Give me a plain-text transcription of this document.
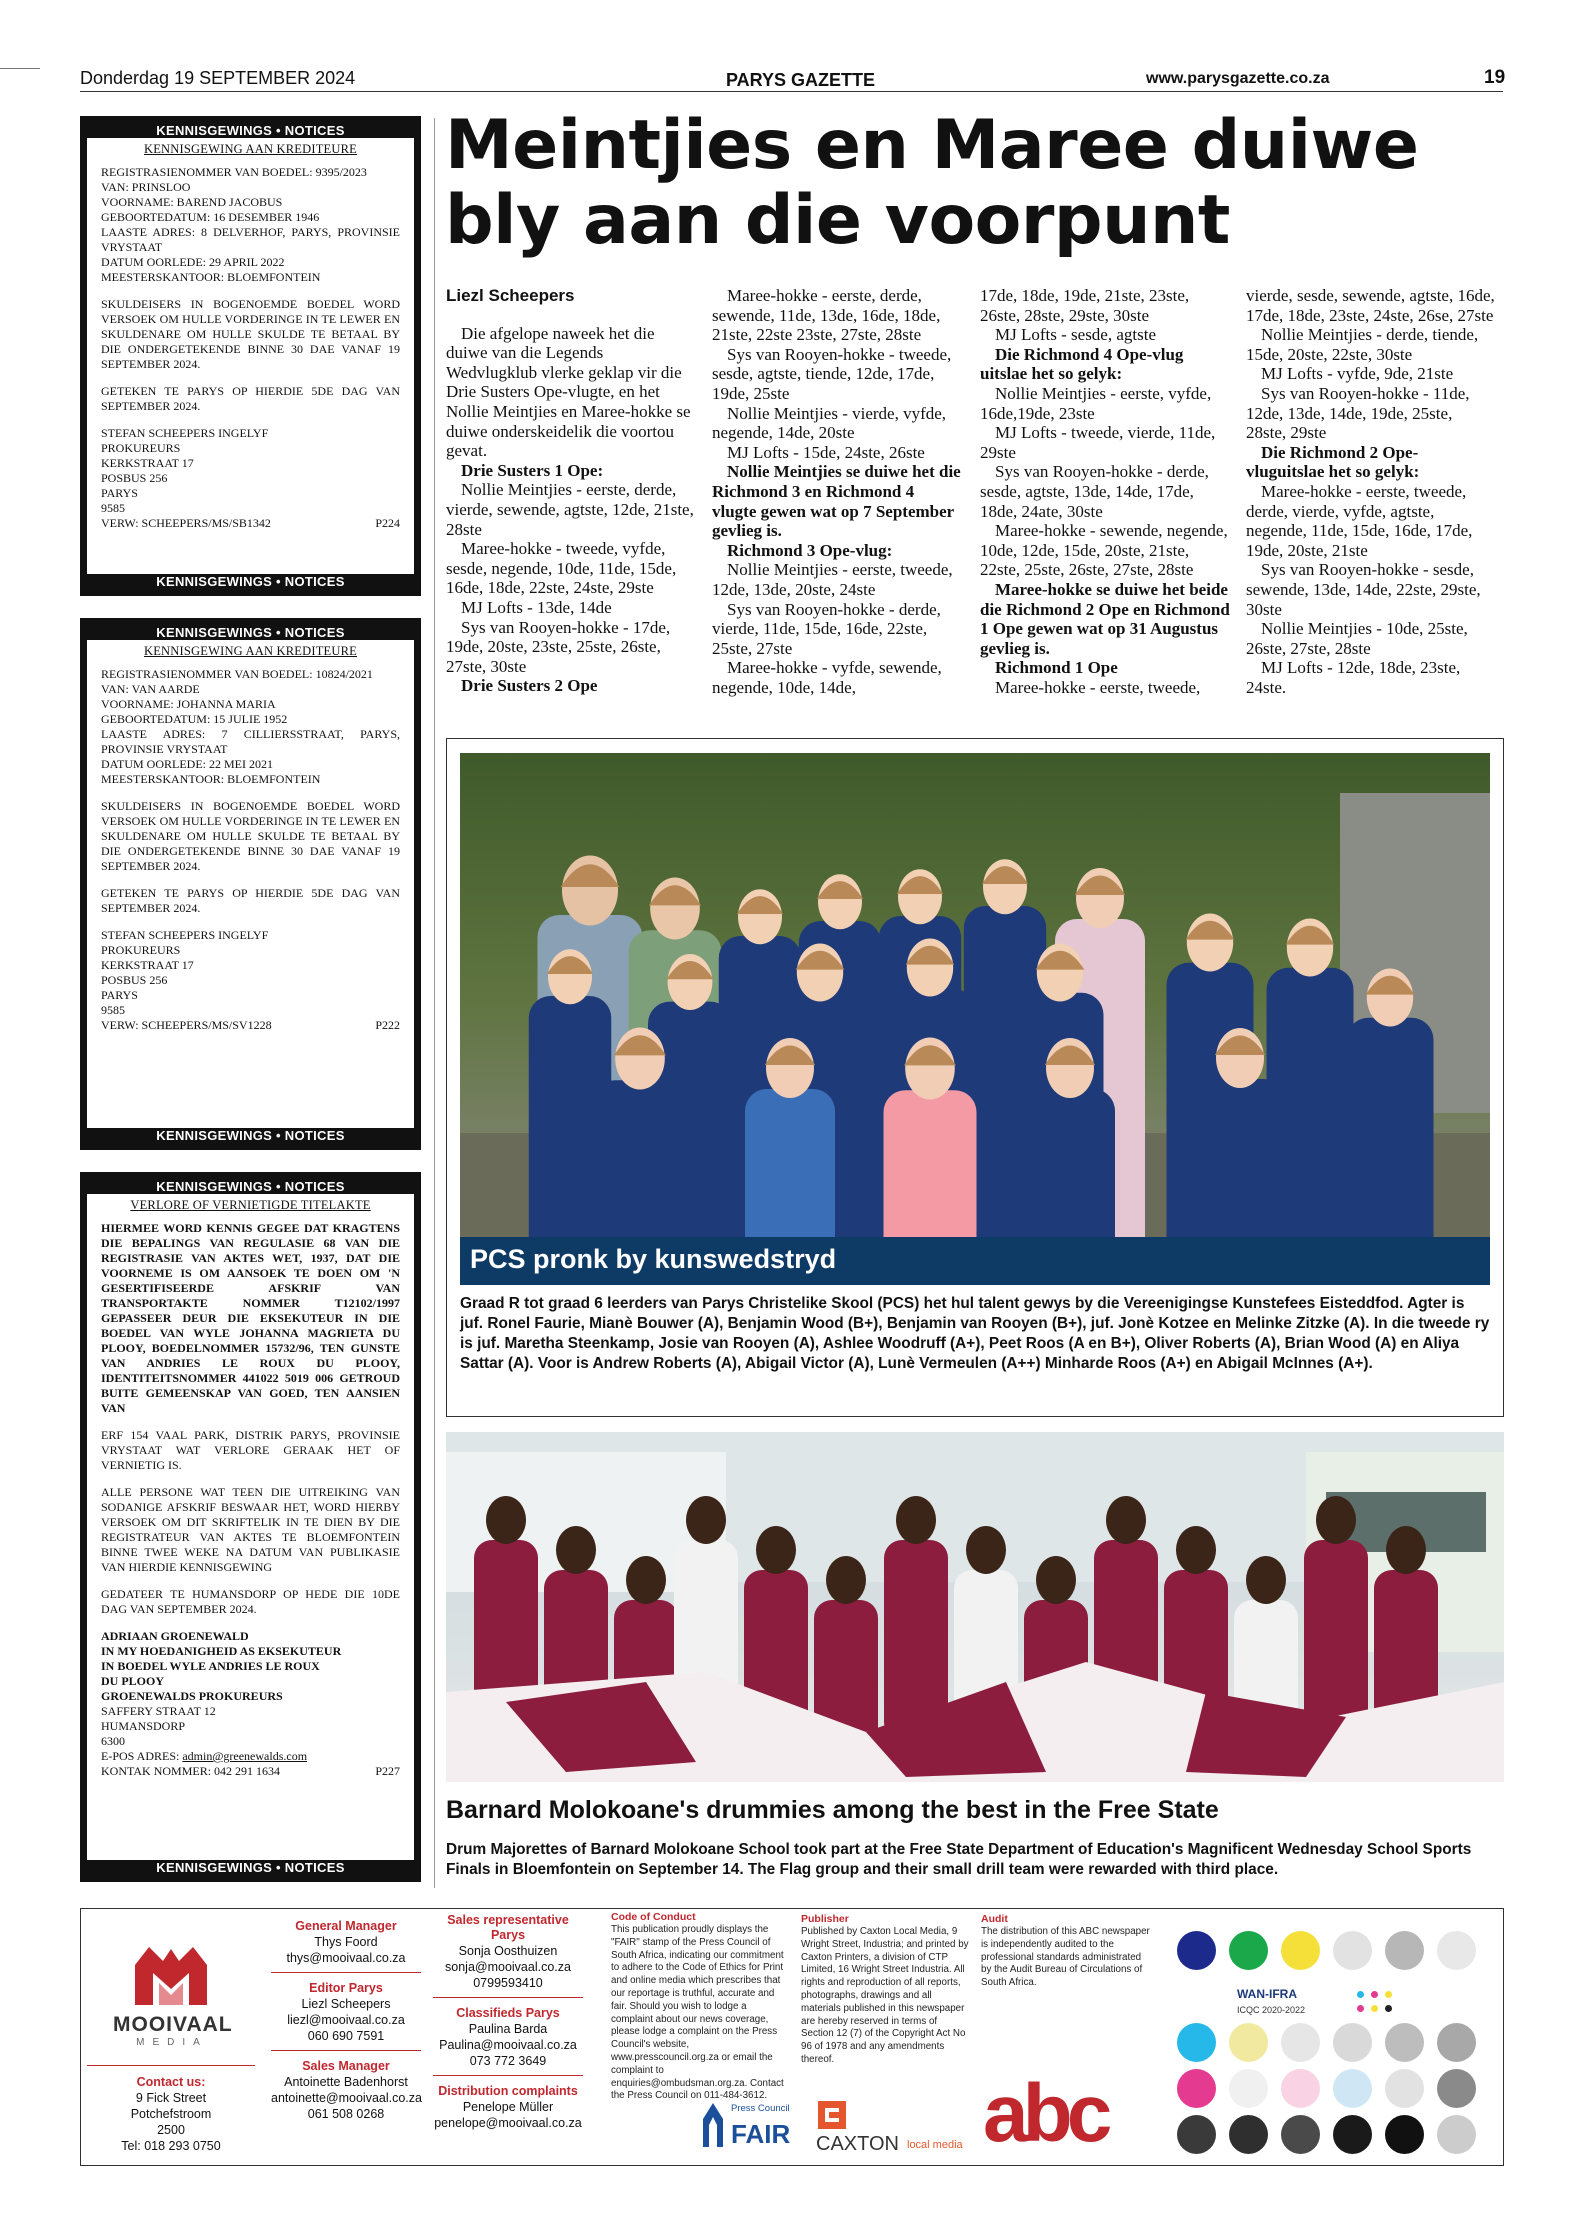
Donderdag 19 SEPTEMBER 2024	PARYS GAZETTE	www.parysgazette.co.za	19
KENNISGEWINGS • NOTICES
KENNISGEWING AAN KREDITEURE
REGISTRASIENOMMER VAN BOEDEL: 9395/2023
VAN: PRINSLOO
VOORNAME: BAREND JACOBUS
GEBOORTEDATUM: 16 DESEMBER 1946
LAASTE ADRES: 8 DELVERHOF, PARYS, PROVINSIE VRYSTAAT
DATUM OORLEDE: 29 APRIL 2022
MEESTERSKANTOOR: BLOEMFONTEIN
SKULDEISERS IN BOGENOEMDE BOEDEL WORD VERSOEK OM HULLE VORDERINGE IN TE LEWER EN SKULDENARE OM HULLE SKULDE TE BETAAL BY DIE ONDERGETEKENDE BINNE 30 DAE VANAF 19 SEPTEMBER 2024.
GETEKEN TE PARYS OP HIERDIE 5DE DAG VAN SEPTEMBER 2024.
STEFAN SCHEEPERS INGELYF
PROKUREURS
KERKSTRAAT 17
POSBUS 256
PARYS
9585
VERW: SCHEEPERS/MS/SB1342	P224
KENNISGEWINGS • NOTICES
KENNISGEWINGS • NOTICES
KENNISGEWING AAN KREDITEURE
REGISTRASIENOMMER VAN BOEDEL: 10824/2021
VAN: VAN AARDE
VOORNAME: JOHANNA MARIA
GEBOORTEDATUM: 15 JULIE 1952
LAASTE ADRES: 7 CILLIERSSTRAAT, PARYS, PROVINSIE VRYSTAAT
DATUM OORLEDE: 22 MEI 2021
MEESTERSKANTOOR: BLOEMFONTEIN
SKULDEISERS IN BOGENOEMDE BOEDEL WORD VERSOEK OM HULLE VORDERINGE IN TE LEWER EN SKULDENARE OM HULLE SKULDE TE BETAAL BY DIE ONDERGETEKENDE BINNE 30 DAE VANAF 19 SEPTEMBER 2024.
GETEKEN TE PARYS OP HIERDIE 5DE DAG VAN SEPTEMBER 2024.
STEFAN SCHEEPERS INGELYF
PROKUREURS
KERKSTRAAT 17
POSBUS 256
PARYS
9585
VERW: SCHEEPERS/MS/SV1228	P222
KENNISGEWINGS • NOTICES
KENNISGEWINGS • NOTICES
VERLORE OF VERNIETIGDE TITELAKTE
HIERMEE WORD KENNIS GEGEE DAT KRAGTENS DIE BEPALINGS VAN REGULASIE 68 VAN DIE REGISTRASIE VAN AKTES WET, 1937, DAT DIE VOORNEME IS OM AANSOEK TE DOEN OM 'N GESERTIFISEERDE AFSKRIF VAN TRANSPORTAKTE NOMMER T12102/1997 GEPASSEER DEUR DIE EKSEKUTEUR IN DIE BOEDEL VAN WYLE JOHANNA MAGRIETA DU PLOOY, BOEDELNOMMER 15732/96, TEN GUNSTE VAN ANDRIES LE ROUX DU PLOOY, IDENTITEITSNOMMER 441022 5019 006 GETROUD BUITE GEMEENSKAP VAN GOED, TEN AANSIEN VAN
ERF 154 VAAL PARK, DISTRIK PARYS, PROVINSIE VRYSTAAT WAT VERLORE GERAAK HET OF VERNIETIG IS.
ALLE PERSONE WAT TEEN DIE UITREIKING VAN SODANIGE AFSKRIF BESWAAR HET, WORD HIERBY VERSOEK OM DIT SKRIFTELIK IN TE DIEN BY DIE REGISTRATEUR VAN AKTES TE BLOEMFONTEIN BINNE TWEE WEKE NA DATUM VAN PUBLIKASIE VAN HIERDIE KENNISGEWING
GEDATEER TE HUMANSDORP OP HEDE DIE 10DE DAG VAN SEPTEMBER 2024.
ADRIAAN GROENEWALD
IN MY HOEDANIGHEID AS EKSEKUTEUR
IN BOEDEL WYLE ANDRIES LE ROUX
DU PLOOY
GROENEWALDS PROKUREURS
SAFFERY STRAAT 12
HUMANSDORP
6300
E-POS ADRES: admin@greenewalds.com
KONTAK NOMMER: 042 291 1634	P227
KENNISGEWINGS • NOTICES
Meintjies en Maree duiwe
bly aan die voorpunt

Liezl Scheepers

Die afgelope naweek het die duiwe van die Legends Wedvlugklub vlerke geklap vir die Drie Susters Ope-vlugte, en het Nollie Meintjies en Maree-hokke se duiwe onderskeidelik die voortou gevat.

Drie Susters 1 Ope:

Nollie Meintjies - eerste, derde, vierde, sewende, agtste, 12de, 21ste, 28ste

Maree-hokke - tweede, vyfde, sesde, negende, 10de, 11de, 15de, 16de, 18de, 22ste, 24ste, 29ste

MJ Lofts - 13de, 14de

Sys van Rooyen-hokke - 17de, 19de, 20ste, 23ste, 25ste, 26ste, 27ste, 30ste

Drie Susters 2 Ope

Maree-hokke - eerste, derde, sewende, 11de, 13de, 16de, 18de, 21ste, 22ste 23ste, 27ste, 28ste

Sys van Rooyen-hokke - tweede, sesde, agtste, tiende, 12de, 17de, 19de, 25ste

Nollie Meintjies - vierde, vyfde, negende, 14de, 20ste

MJ Lofts - 15de, 24ste, 26ste

Nollie Meintjies se duiwe het die Richmond 3 en Richmond 4 vlugte gewen wat op 7 September gevlieg is.

Richmond 3 Ope-vlug:

Nollie Meintjies - eerste, tweede, 12de, 13de, 20ste, 24ste

Sys van Rooyen-hokke - derde, vierde, 11de, 15de, 16de, 22ste, 25ste, 27ste

Maree-hokke - vyfde, sewende, negende, 10de, 14de,

17de, 18de, 19de, 21ste, 23ste, 26ste, 28ste, 29ste, 30ste

MJ Lofts - sesde, agtste

Die Richmond 4 Ope-vlug uitslae het so gelyk:

Nollie Meintjies - eerste, vyfde, 16de,19de, 23ste

MJ Lofts - tweede, vierde, 11de, 29ste

Sys van Rooyen-hokke - derde, sesde, agtste, 13de, 14de, 17de, 18de, 24ate, 30ste

Maree-hokke - sewende, negende, 10de, 12de, 15de, 20ste, 21ste, 22ste, 25ste, 26ste, 27ste, 28ste

Maree-hokke se duiwe het beide die Richmond 2 Ope en Richmond 1 Ope gewen wat op 31 Augustus gevlieg is.

Richmond 1 Ope

Maree-hokke - eerste, tweede,

vierde, sesde, sewende, agtste, 16de, 17de, 18de, 23ste, 24ste, 26se, 27ste

Nollie Meintjies - derde, tiende, 15de, 20ste, 22ste, 30ste

MJ Lofts - vyfde, 9de, 21ste

Sys van Rooyen-hokke - 11de, 12de, 13de, 14de, 19de, 25ste, 28ste, 29ste

Die Richmond 2 Ope-vluguitslae het so gelyk:

Maree-hokke - eerste, tweede, derde, vierde, vyfde, agtste, negende, 11de, 15de, 16de, 17de, 19de, 20ste, 21ste

Sys van Rooyen-hokke - sesde, sewende, 13de, 14de, 22ste, 29ste, 30ste

Nollie Meintjies - 10de, 25ste, 26ste, 27ste, 28ste

MJ Lofts - 12de, 18de, 23ste, 24ste.

PCS pronk by kunswedstryd
Graad R tot graad 6 leerders van Parys Christelike Skool (PCS) het hul talent gewys by die Vereenigingse Kunstefees Eisteddfod. Agter is juf. Ronel Faurie, Mianè Bouwer (A), Benjamin Wood (B+), Benjamin van Rooyen (B+), juf. Jonè Kotzee en Melinke Zitzke (A). In die tweede ry is juf. Maretha Steenkamp, Josie van Rooyen (A), Ashlee Woodruff (A+), Peet Roos (A en B+), Oliver Roberts (A), Brian Wood (A) en Aliya Sattar (A). Voor is Andrew Roberts (A), Abigail Victor (A), Lunè Vermeulen (A++) Minharde Roos (A+) en Abigail McInnes (A+).
Barnard Molokoane's drummies among the best in the Free State
Drum Majorettes of Barnard Molokoane School took part at the Free State Department of Education's Magnificent Wednesday School Sports Finals in Bloemfontein on September 14. The Flag group and their small drill team were rewarded with third place.
MOOIVAAL
MEDIA
Contact us:
9 Fick Street
Potchefstroom
2500
Tel: 018 293 0750
General Manager
Thys Foord
thys@mooivaal.co.za
Editor Parys
Liezl Scheepers
liezl@mooivaal.co.za
060 690 7591
Sales Manager
Antoinette Badenhorst
antoinette@mooivaal.co.za
061 508 0268
Sales representative Parys
Sonja Oosthuizen
sonja@mooivaal.co.za
0799593410
Classifieds Parys
Paulina Barda
Paulina@mooivaal.co.za
073 772 3649
Distribution complaints
Penelope Müller
penelope@mooivaal.co.za
Code of Conduct
This publication proudly displays the "FAIR" stamp of the Press Council of South Africa, indicating our commitment to adhere to the Code of Ethics for Print and online media which prescribes that our reportage is truthful, accurate and fair. Should you wish to lodge a complaint about our news coverage, please lodge a complaint on the Press Council's website, www.presscouncil.org.za or email the complaint to enquiries@ombudsman.org.za. Contact the Press Council on 011-484-3612.
Publisher
Published by Caxton Local Media, 9 Wright Street, Industria; and printed by Caxton Printers, a division of CTP Limited, 16 Wright Street Industria. All rights and reproduction of all reports, photographs, drawings and all materials published in this newspaper are hereby reserved in terms of Section 12 (7) of the Copyright Act No 96 of 1978 and any amendments thereof.
Audit
The distribution of this ABC newspaper is independently audited to the professional standards administrated by the Audit Bureau of Circulations of South Africa.
Press Council
FAIR CAXTON local media abc
WAN-IFRA
ICQC 2020-2022
